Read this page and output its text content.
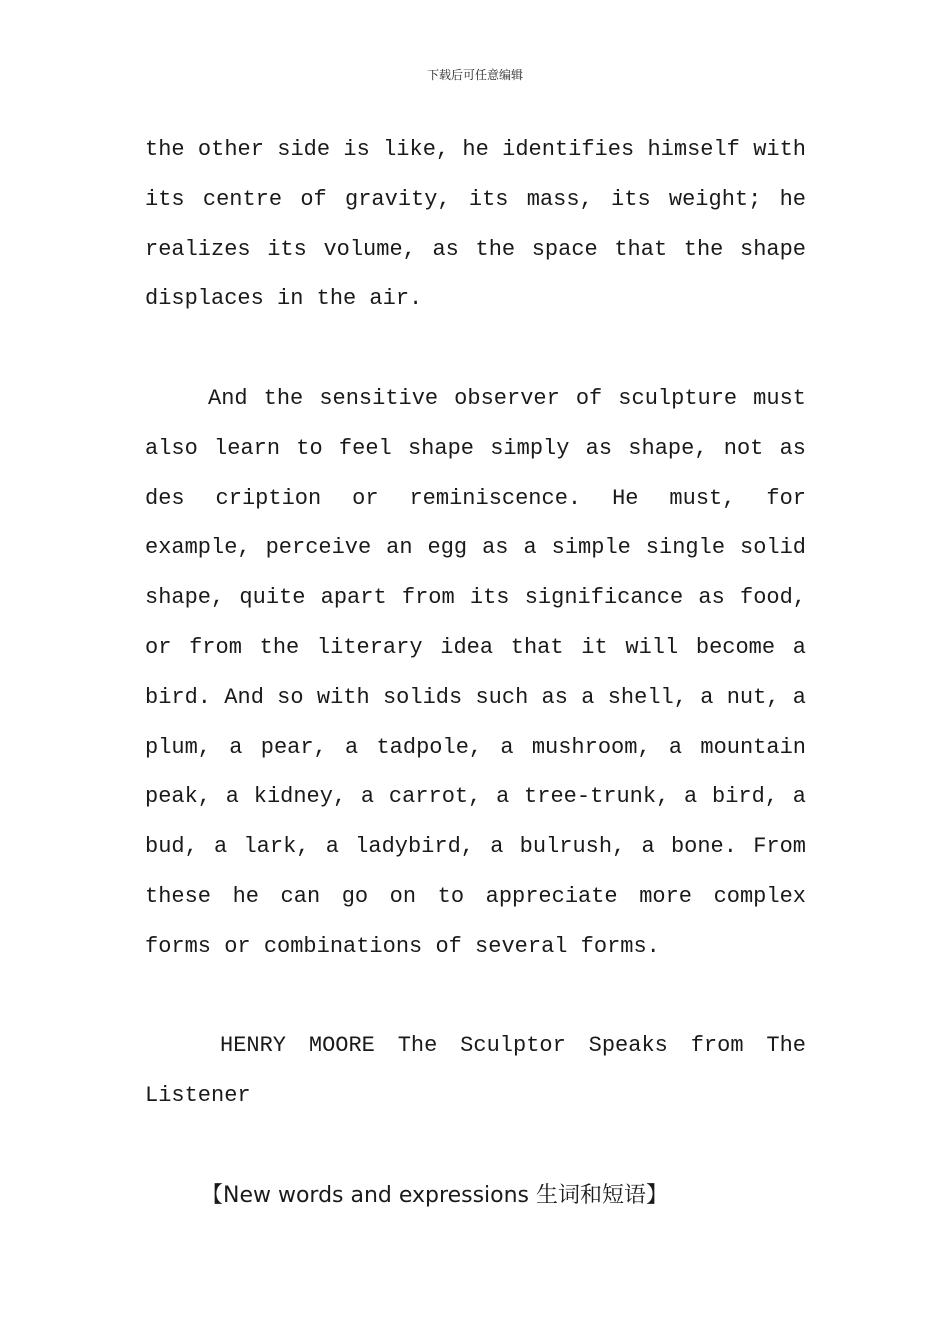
下载后可任意编辑

the other side is like, he identifies himself with its centre of gravity, its mass, its weight; he realizes its volume, as the space that the shape displaces in the air.

And the sensitive observer of sculpture must also learn to feel shape simply as shape, not as des cription or reminiscence. He must, for example, perceive an egg as a simple single solid shape, quite apart from its significance as food, or from the literary idea that it will become a bird. And so with solids such as a shell, a nut, a plum, a pear, a tadpole, a mushroom, a mountain peak, a kidney, a carrot, a tree-trunk, a bird, a bud, a lark, a ladybird, a bulrush, a bone. From these he can go on to appreciate more complex forms or combinations of several forms.

HENRY MOORE The Sculptor Speaks from The Listener

【New words and expressions 生词和短语】
